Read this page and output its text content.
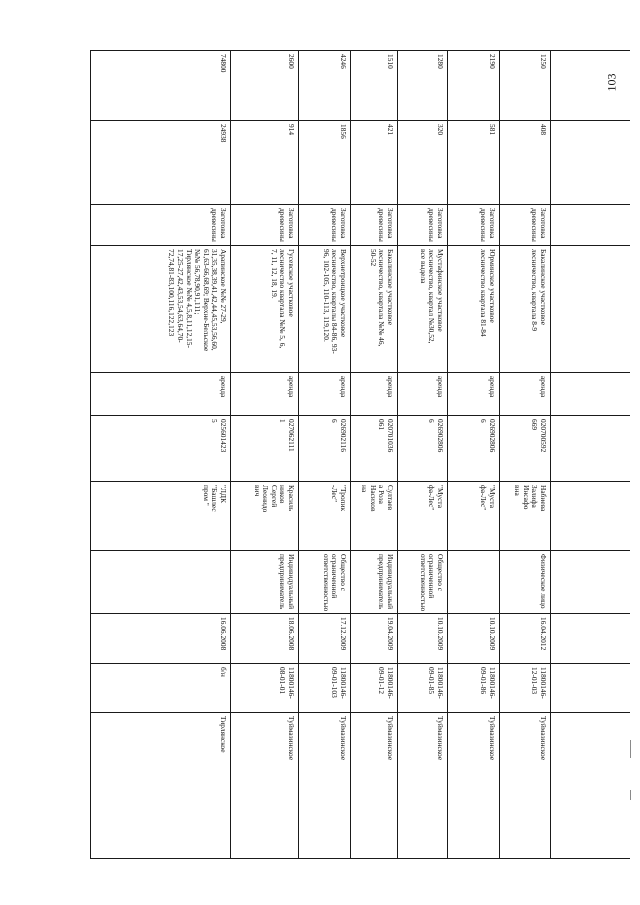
103
Тирлянское
б/н
16.06.2008
"ЛДК
"Башлес
пром "
025601423
5
аренда
Арапинское №№ 27-29,
31,35,38,39,41,42,44,45,53,56,60,
61,63-66,68,69; Верхне-Бельское
№№ 56,78,90,91,111;
Тирлянское №№ 4,5,8,11,12,15-
17,25-27,42,43,53,54,63,64,70-
72,74,81-83,100,116,122,123
Заготовка
древесины
24938
74800
Туймазинское
11800146-
08-01-01
18.06.2008
Индивидуальный
предприниматель
Красиль
ников
Сергей
Леонидо
вич
027062111
1
аренда
Гусевское участковое
лесничество квартала №№ 5, 6,
7, 11, 12, 18, 19.
Заготовка
древесины
914
2600
Туймазинское
11800146-
09-01-103
17.12.2009
Общество с
ограниченной
ответственностью
"Тропик
-Лес"
026902116
6
аренда
Верхнетроицкое участковое
лесничество, кварталы 84-86, 93-
96, 102-105, 110-113, 119,120.
Заготовка
древесины
1856
4246
Туймазинское
11800146-
09-01-12
19.04.2009
Индивидуальный
предприниматель
Султаев
a Роза
Насихов
на
020701036
061
аренда
Бакалинское участковое
лесничество, квартала №№ 46,
50-52
Заготовка
древесины
421
1510
Туймазинское
11800146-
09-01-85
10.10.2009
Общество с
ограниченной
ответственностью
"Муста
фа-Лес"
026902806
6
аренда
Мустафинское участковое
лесничество, квартал №30,52,
все выдела
Заготовка
древесины
320
1280
Туймазинское
11800146-
09-01-86
10.10.2009
"Муста
фа-Лес"
026902806
6
аренда
Юрминское участковое
лесничество квартала 81-84
Заготовка
древесины
581
2190
Туймазинское
11800146-
12-01-03
16.04.2012
Физическое лицо
Набиева
Залифа
Инсафо
вна
020700592
669
аренда
Бакалинское участковое
лесничество, квартала 8-9
Заготовка
древесины
408
1250
